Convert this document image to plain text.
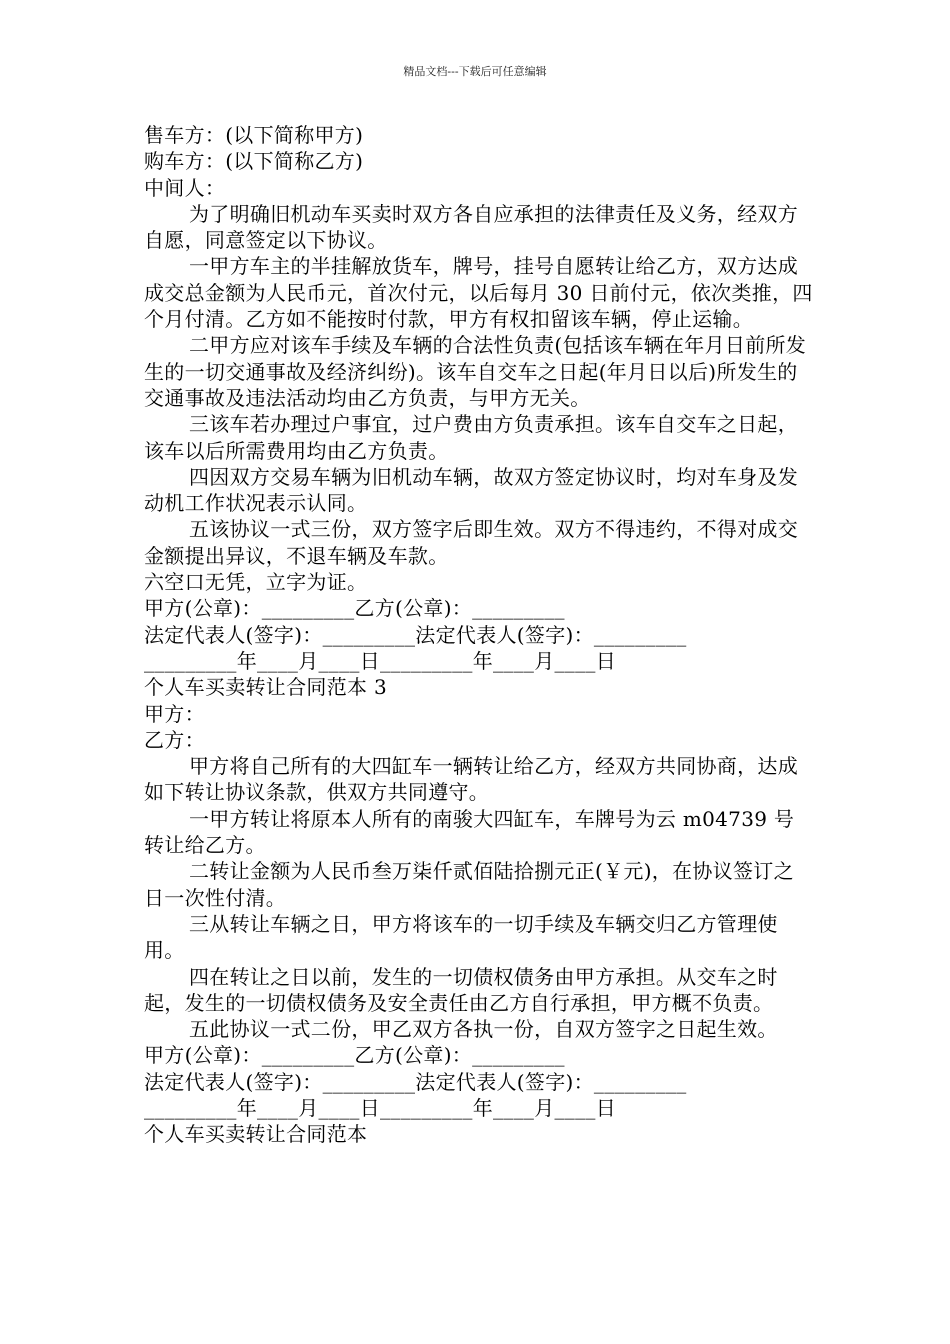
精品文档---下载后可任意编辑

售车方：(以下简称甲方)

购车方：(以下简称乙方)

中间人：

为了明确旧机动车买卖时双方各自应承担的法律责任及义务，经双方自愿，同意签定以下协议。

一甲方车主的半挂解放货车，牌号，挂号自愿转让给乙方，双方达成成交总金额为人民币元，首次付元，以后每月 30 日前付元，依次类推，四个月付清。乙方如不能按时付款，甲方有权扣留该车辆，停止运输。

二甲方应对该车手续及车辆的合法性负责(包括该车辆在年月日前所发生的一切交通事故及经济纠纷)。该车自交车之日起(年月日以后)所发生的交通事故及违法活动均由乙方负责，与甲方无关。

三该车若办理过户事宜，过户费由方负责承担。该车自交车之日起，该车以后所需费用均由乙方负责。

四因双方交易车辆为旧机动车辆，故双方签定协议时，均对车身及发动机工作状况表示认同。

五该协议一式三份，双方签字后即生效。双方不得违约，不得对成交金额提出异议，不退车辆及车款。

六空口无凭，立字为证。

甲方(公章)：_________乙方(公章)：_________

法定代表人(签字)：_________法定代表人(签字)：_________

_________年____月____日_________年____月____日

个人车买卖转让合同范本 3

甲方：

乙方：

甲方将自己所有的大四缸车一辆转让给乙方，经双方共同协商，达成如下转让协议条款，供双方共同遵守。

一甲方转让将原本人所有的南骏大四缸车，车牌号为云 m04739 号转让给乙方。

二转让金额为人民币叁万柒仟贰佰陆拾捌元正(￥元)，在协议签订之日一次性付清。

三从转让车辆之日，甲方将该车的一切手续及车辆交归乙方管理使用。

四在转让之日以前，发生的一切债权债务由甲方承担。从交车之时起，发生的一切债权债务及安全责任由乙方自行承担，甲方概不负责。

五此协议一式二份，甲乙双方各执一份，自双方签字之日起生效。

甲方(公章)：_________乙方(公章)：_________

法定代表人(签字)：_________法定代表人(签字)：_________

_________年____月____日_________年____月____日

个人车买卖转让合同范本
